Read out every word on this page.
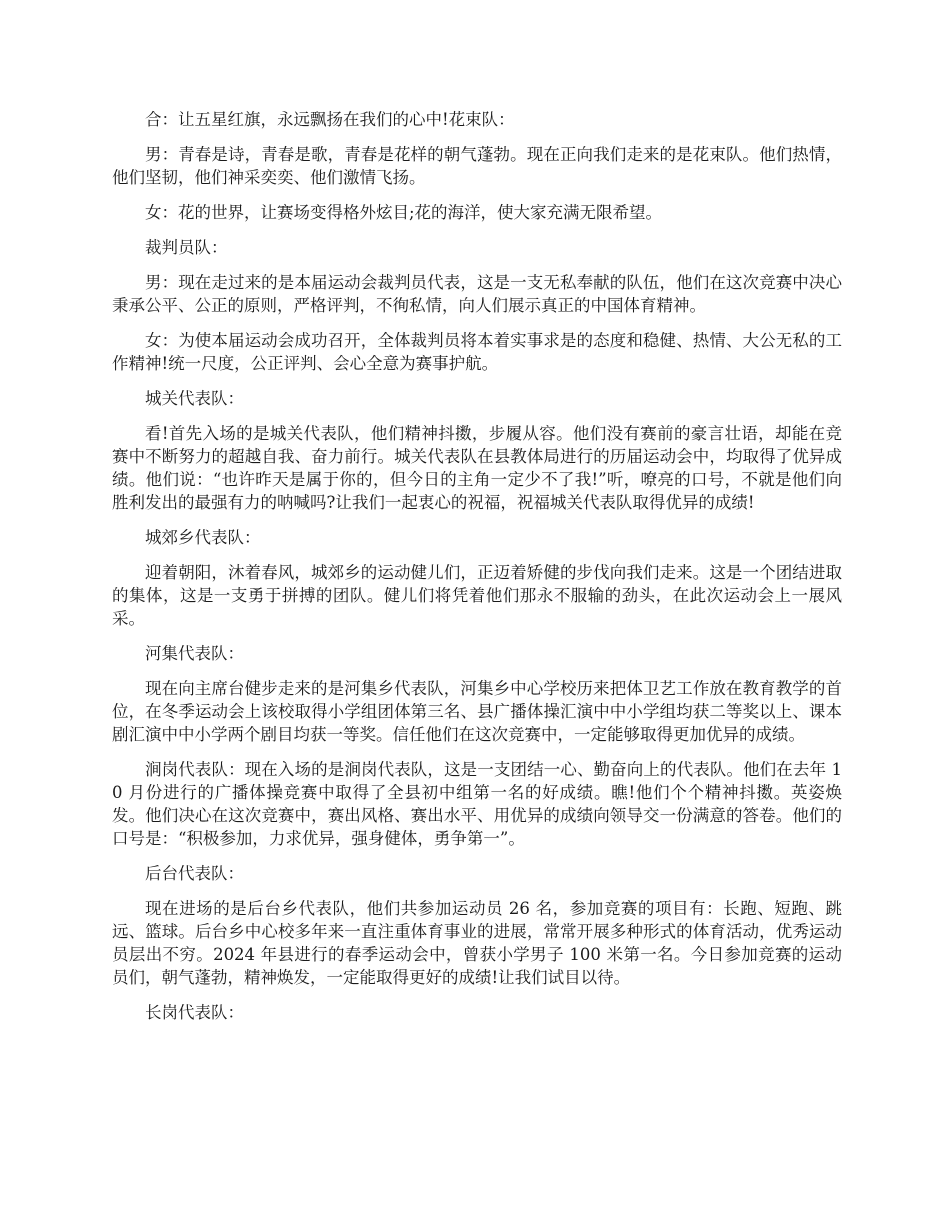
合：让五星红旗，永远飘扬在我们的心中!花束队：

男：青春是诗，青春是歌，青春是花样的朝气蓬勃。现在正向我们走来的是花束队。他们热情，他们坚韧，他们神采奕奕、他们激情飞扬。

女：花的世界，让赛场变得格外炫目;花的海洋，使大家充满无限希望。

裁判员队：

男：现在走过来的是本届运动会裁判员代表，这是一支无私奉献的队伍，他们在这次竞赛中决心秉承公平、公正的原则，严格评判，不徇私情，向人们展示真正的中国体育精神。

女：为使本届运动会成功召开，全体裁判员将本着实事求是的态度和稳健、热情、大公无私的工作精神!统一尺度，公正评判、会心全意为赛事护航。

城关代表队：

看!首先入场的是城关代表队，他们精神抖擞，步履从容。他们没有赛前的豪言壮语，却能在竞赛中不断努力的超越自我、奋力前行。城关代表队在县教体局进行的历届运动会中，均取得了优异成绩。他们说：“也许昨天是属于你的，但今日的主角一定少不了我!”听，嘹亮的口号，不就是他们向胜利发出的最强有力的呐喊吗?让我们一起衷心的祝福，祝福城关代表队取得优异的成绩!

城郊乡代表队：

迎着朝阳，沐着春风，城郊乡的运动健儿们，正迈着矫健的步伐向我们走来。这是一个团结进取的集体，这是一支勇于拼搏的团队。健儿们将凭着他们那永不服输的劲头，在此次运动会上一展风采。

河集代表队：

现在向主席台健步走来的是河集乡代表队，河集乡中心学校历来把体卫艺工作放在教育教学的首位，在冬季运动会上该校取得小学组团体第三名、县广播体操汇演中中小学组均获二等奖以上、课本剧汇演中中小学两个剧目均获一等奖。信任他们在这次竞赛中，一定能够取得更加优异的成绩。

涧岗代表队：现在入场的是涧岗代表队，这是一支团结一心、勤奋向上的代表队。他们在去年 10 月份进行的广播体操竞赛中取得了全县初中组第一名的好成绩。瞧!他们个个精神抖擞。英姿焕发。他们决心在这次竞赛中，赛出风格、赛出水平、用优异的成绩向领导交一份满意的答卷。他们的口号是：“积极参加，力求优异，强身健体，勇争第一”。

后台代表队：

现在进场的是后台乡代表队，他们共参加运动员 26 名，参加竞赛的项目有：长跑、短跑、跳远、篮球。后台乡中心校多年来一直注重体育事业的进展，常常开展多种形式的体育活动，优秀运动员层出不穷。2024 年县进行的春季运动会中，曾获小学男子 100 米第一名。今日参加竞赛的运动员们，朝气蓬勃，精神焕发，一定能取得更好的成绩!让我们试目以待。

长岗代表队：
